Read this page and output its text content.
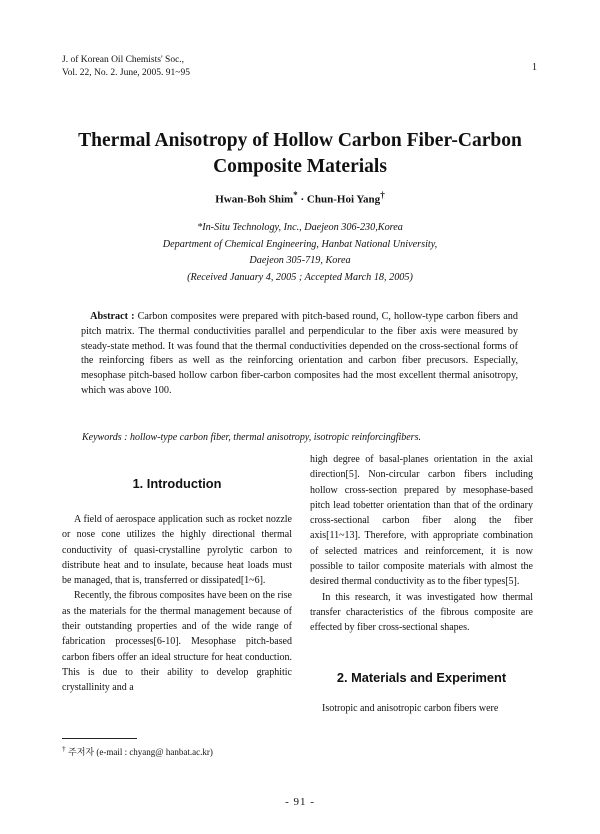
J. of Korean Oil Chemists' Soc.,
Vol. 22, No. 2. June, 2005. 91~95	1
Thermal Anisotropy of Hollow Carbon Fiber-Carbon
Composite Materials
Hwan-Boh Shim* · Chun-Hoi Yang†
*In-Situ Technology, Inc., Daejeon 306-230,Korea
Department of Chemical Engineering, Hanbat National University,
Daejeon 305-719, Korea
(Received January 4, 2005 ; Accepted March 18, 2005)
Abstract : Carbon composites were prepared with pitch-based round, C, hollow-type carbon fibers and pitch matrix. The thermal conductivities parallel and perpendicular to the fiber axis were measured by steady-state method. It was found that the thermal conductivities depended on the cross-sectional forms of the reinforcing fibers as well as the reinforcing orientation and carbon fiber precusors. Especially, mesophase pitch-based hollow carbon fiber-carbon composites had the most excellent thermal anisotropy, which was above 100.
Keywords : hollow-type carbon fiber, thermal anisotropy, isotropic reinforcingfibers.
1. Introduction

A field of aerospace application such as rocket nozzle or nose cone utilizes the highly directional thermal conductivity of quasi-crystalline pyrolytic carbon to distribute heat and to insulate, because heat loads must be managed, that is, transferred or dissipated[1~6].

Recently, the fibrous composites have been on the rise as the materials for the thermal management because of their outstanding properties and of the wide range of fabrication processes[6-10]. Mesophase pitch-based carbon fibers offer an ideal structure for heat conduction. This is due to their ability to develop graphitic crystallinity and a

high degree of basal-planes orientation in the axial direction[5]. Non-circular carbon fibers including hollow cross-section prepared by mesophase-based pitch lead tobetter orientation than that of the ordinary cross-sectional carbon fiber along the fiber axis[11~13]. Therefore, with appropriate combination of selected matrices and reinforcement, it is now possible to tailor composite materials with almost the desired thermal conductivity as to the fiber types[5].

In this research, it was investigated how thermal transfer characteristics of the fibrous composite are effected by fiber cross-sectional shapes.

2. Materials and Experiment

Isotropic and anisotropic carbon fibers were

† 주저자 (e-mail : chyang@ hanbat.ac.kr)
- 91 -
